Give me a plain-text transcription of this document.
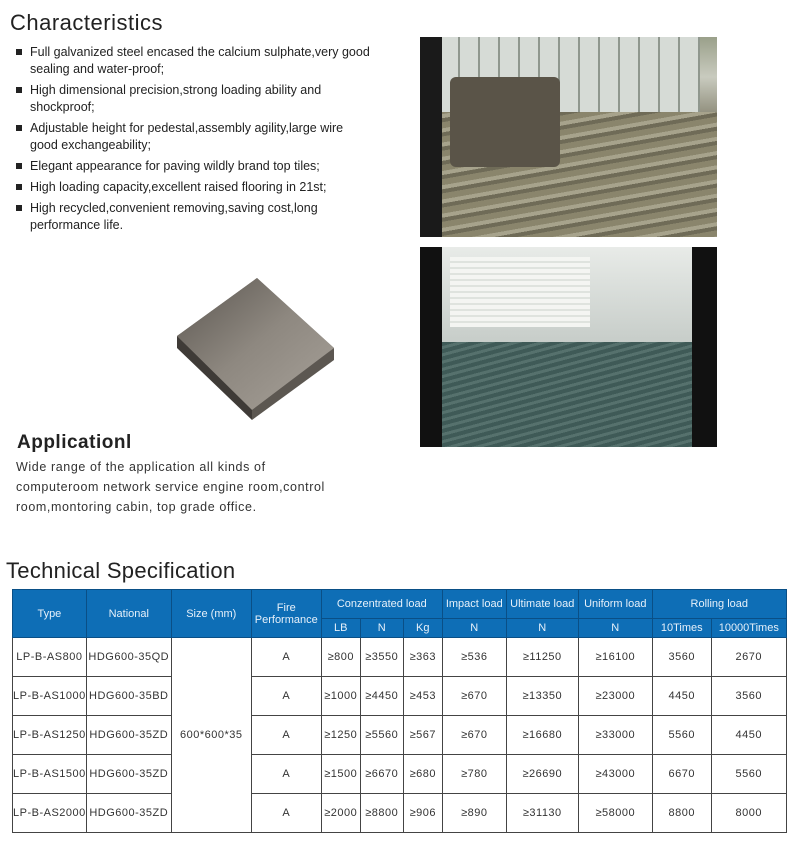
Characteristics
Full galvanized steel encased the calcium sulphate,very good sealing and water-proof;
High dimensional precision,strong loading ability and shockproof;
Adjustable height for pedestal,assembly agility,large wire good exchangeability;
Elegant appearance for paving wildly brand top tiles;
High loading capacity,excellent raised flooring in 21st;
High recycled,convenient removing,saving cost,long performance life.
Applicationl
Wide range of the application all kinds of computeroom network service engine room,control room,montoring cabin, top grade office.
Technical Specification
Type	National	Size (mm)	Fire Performance	Conzentrated load			Impact load	Ultimate load	Uniform load	Rolling load	
				LB	N	Kg	N	N	N	10Times	10000Times
LP-B-AS800	HDG600-35QD	600*600*35	A	≥800	≥3550	≥363	≥536	≥11250	≥16100	3560	2670
LP-B-AS1000	HDG600-35BD		A	≥1000	≥4450	≥453	≥670	≥13350	≥23000	4450	3560
LP-B-AS1250	HDG600-35ZD		A	≥1250	≥5560	≥567	≥670	≥16680	≥33000	5560	4450
LP-B-AS1500	HDG600-35ZD		A	≥1500	≥6670	≥680	≥780	≥26690	≥43000	6670	5560
LP-B-AS2000	HDG600-35ZD		A	≥2000	≥8800	≥906	≥890	≥31130	≥58000	8800	8000
